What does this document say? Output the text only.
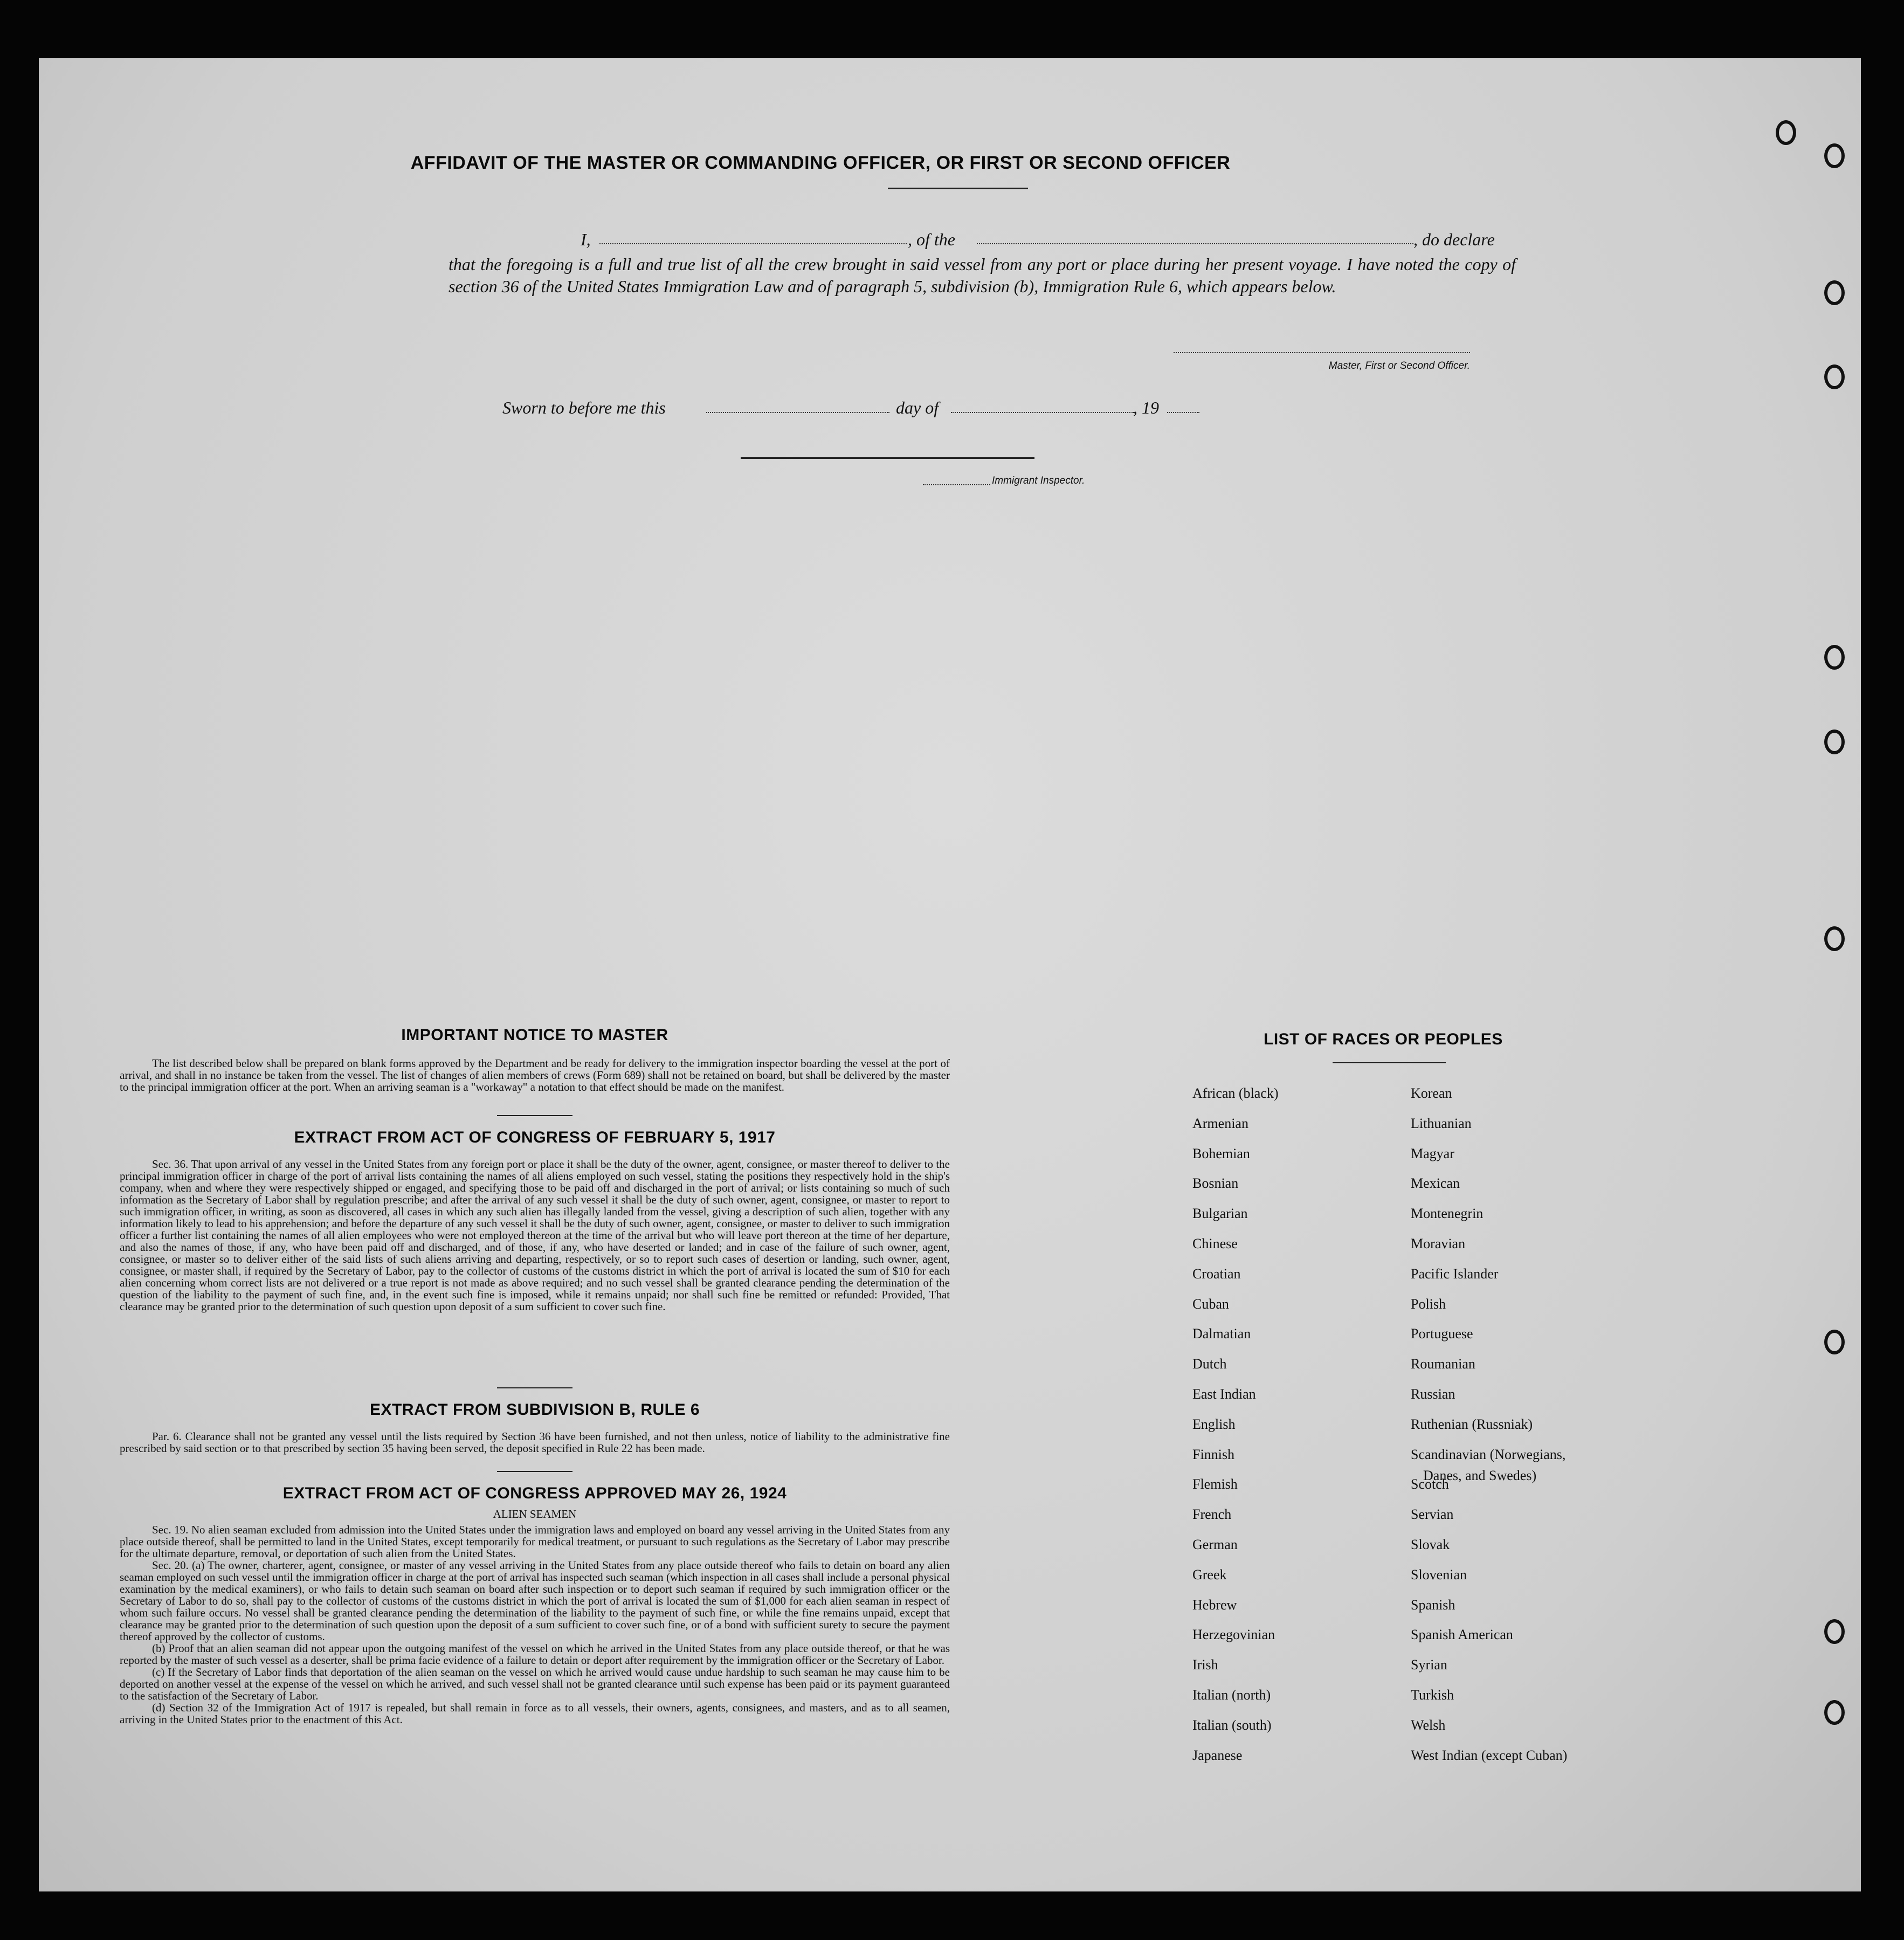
AFFIDAVIT OF THE MASTER OR COMMANDING OFFICER, OR FIRST OR SECOND OFFICER
I,	, of the	, do declare
that the foregoing is a full and true list of all the crew brought in said vessel from any port or place during her present voyage. I have noted the copy of section 36 of the United States Immigration Law and of paragraph 5, subdivision (b), Immigration Rule 6, which appears below.
Master, First or Second Officer.
Sworn to before me this	day of	, 19
Immigrant Inspector.
IMPORTANT NOTICE TO MASTER
The list described below shall be prepared on blank forms approved by the Department and be ready for delivery to the immigration inspector boarding the vessel at the port of arrival, and shall in no instance be taken from the vessel. The list of changes of alien members of crews (Form 689) shall not be retained on board, but shall be delivered by the master to the principal immigration officer at the port. When an arriving seaman is a "workaway" a notation to that effect should be made on the manifest.
EXTRACT FROM ACT OF CONGRESS OF FEBRUARY 5, 1917
Sec. 36. That upon arrival of any vessel in the United States from any foreign port or place it shall be the duty of the owner, agent, consignee, or master thereof to deliver to the principal immigration officer in charge of the port of arrival lists containing the names of all aliens employed on such vessel, stating the positions they respectively hold in the ship's company, when and where they were respectively shipped or engaged, and specifying those to be paid off and discharged in the port of arrival; or lists containing so much of such information as the Secretary of Labor shall by regulation prescribe; and after the arrival of any such vessel it shall be the duty of such owner, agent, consignee, or master to report to such immigration officer, in writing, as soon as discovered, all cases in which any such alien has illegally landed from the vessel, giving a description of such alien, together with any information likely to lead to his apprehension; and before the departure of any such vessel it shall be the duty of such owner, agent, consignee, or master to deliver to such immigration officer a further list containing the names of all alien employees who were not employed thereon at the time of the arrival but who will leave port thereon at the time of her departure, and also the names of those, if any, who have been paid off and discharged, and of those, if any, who have deserted or landed; and in case of the failure of such owner, agent, consignee, or master so to deliver either of the said lists of such aliens arriving and departing, respectively, or so to report such cases of desertion or landing, such owner, agent, consignee, or master shall, if required by the Secretary of Labor, pay to the collector of customs of the customs district in which the port of arrival is located the sum of $10 for each alien concerning whom correct lists are not delivered or a true report is not made as above required; and no such vessel shall be granted clearance pending the determination of the question of the liability to the payment of such fine, and, in the event such fine is imposed, while it remains unpaid; nor shall such fine be remitted or refunded: Provided, That clearance may be granted prior to the determination of such question upon deposit of a sum sufficient to cover such fine.
EXTRACT FROM SUBDIVISION B, RULE 6
Par. 6. Clearance shall not be granted any vessel until the lists required by Section 36 have been furnished, and not then unless, notice of liability to the administrative fine prescribed by said section or to that prescribed by section 35 having been served, the deposit specified in Rule 22 has been made.
EXTRACT FROM ACT OF CONGRESS APPROVED MAY 26, 1924
ALIEN SEAMEN
Sec. 19. No alien seaman excluded from admission into the United States under the immigration laws and employed on board any vessel arriving in the United States from any place outside thereof, shall be permitted to land in the United States, except temporarily for medical treatment, or pursuant to such regulations as the Secretary of Labor may prescribe for the ultimate departure, removal, or deportation of such alien from the United States.
Sec. 20. (a) The owner, charterer, agent, consignee, or master of any vessel arriving in the United States from any place outside thereof who fails to detain on board any alien seaman employed on such vessel until the immigration officer in charge at the port of arrival has inspected such seaman (which inspection in all cases shall include a personal physical examination by the medical examiners), or who fails to detain such seaman on board after such inspection or to deport such seaman if required by such immigration officer or the Secretary of Labor to do so, shall pay to the collector of customs of the customs district in which the port of arrival is located the sum of $1,000 for each alien seaman in respect of whom such failure occurs. No vessel shall be granted clearance pending the determination of the liability to the payment of such fine, or while the fine remains unpaid, except that clearance may be granted prior to the determination of such question upon the deposit of a sum sufficient to cover such fine, or of a bond with sufficient surety to secure the payment thereof approved by the collector of customs.
(b) Proof that an alien seaman did not appear upon the outgoing manifest of the vessel on which he arrived in the United States from any place outside thereof, or that he was reported by the master of such vessel as a deserter, shall be prima facie evidence of a failure to detain or deport after requirement by the immigration officer or the Secretary of Labor.
(c) If the Secretary of Labor finds that deportation of the alien seaman on the vessel on which he arrived would cause undue hardship to such seaman he may cause him to be deported on another vessel at the expense of the vessel on which he arrived, and such vessel shall not be granted clearance until such expense has been paid or its payment guaranteed to the satisfaction of the Secretary of Labor.
(d) Section 32 of the Immigration Act of 1917 is repealed, but shall remain in force as to all vessels, their owners, agents, consignees, and masters, and as to all seamen, arriving in the United States prior to the enactment of this Act.
LIST OF RACES OR PEOPLES
Danes, and Swedes)
African (black)
Armenian
Bohemian
Bosnian
Bulgarian
Chinese
Croatian
Cuban
Dalmatian
Dutch
East Indian
English
Finnish
Flemish
French
German
Greek
Hebrew
Herzegovinian
Irish
Italian (north)
Italian (south)
Japanese
Korean
Lithuanian
Magyar
Mexican
Montenegrin
Moravian
Pacific Islander
Polish
Portuguese
Roumanian
Russian
Ruthenian (Russniak)
Scandinavian (Norwegians,
Scotch
Servian
Slovak
Slovenian
Spanish
Spanish American
Syrian
Turkish
Welsh
West Indian (except Cuban)
